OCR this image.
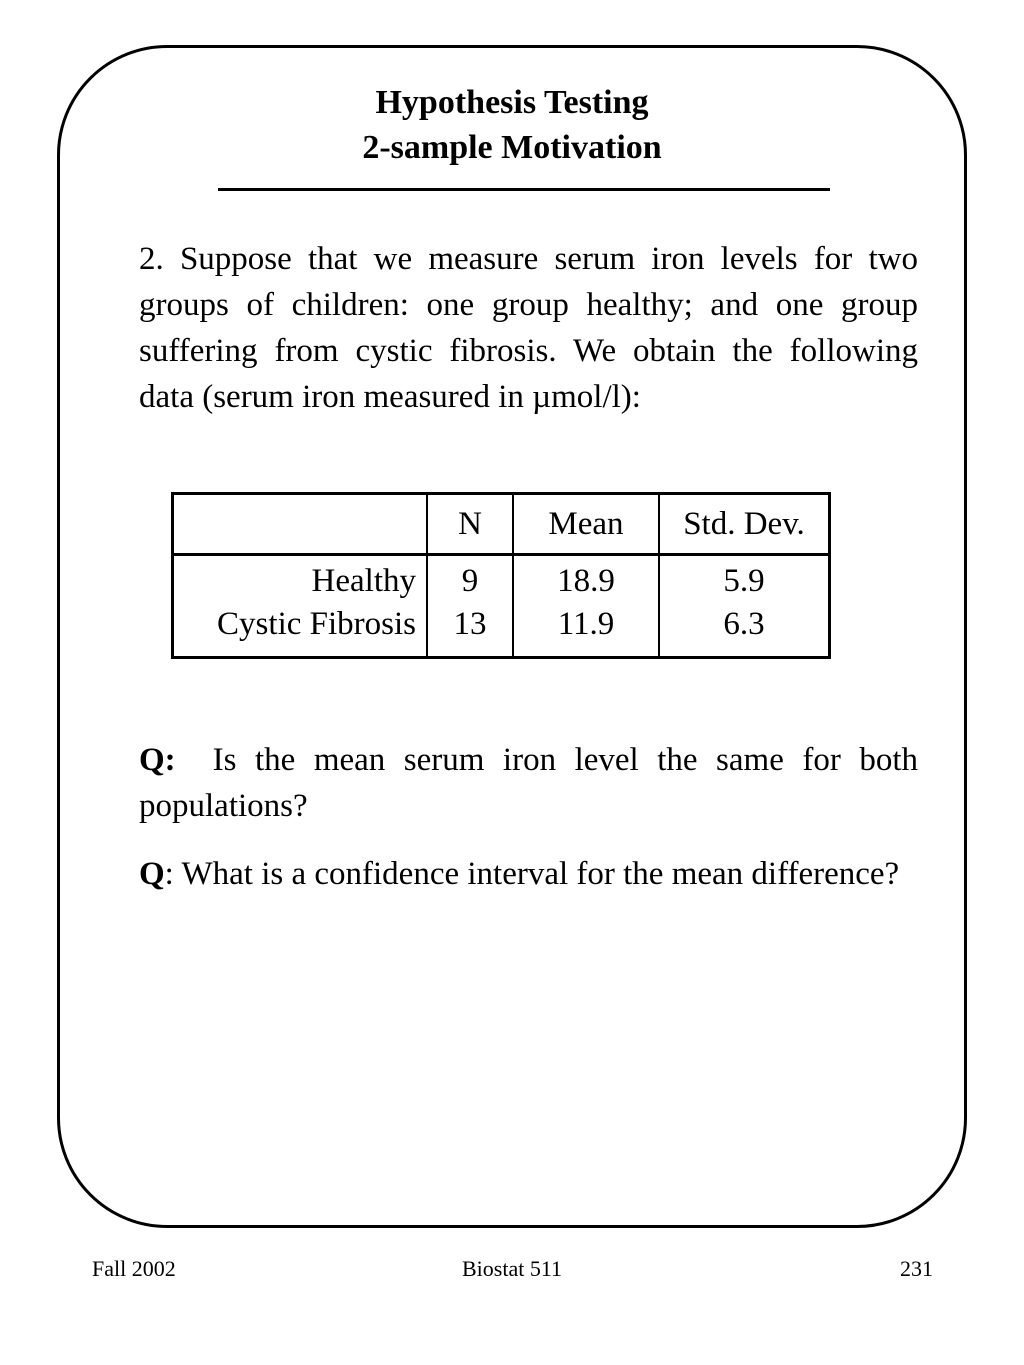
Hypothesis Testing
2-sample Motivation

2. Suppose that we measure serum iron levels for two groups of children: one group healthy; and one group suffering from cystic fibrosis. We obtain the following data (serum iron measured in µmol/l):

	N	Mean	Std. Dev.
Healthy	9	18.9	5.9
Cystic Fibrosis	13	11.9	6.3

Q:  Is the mean serum iron level the same for both populations?

Q: What is a confidence interval for the mean difference?

Fall 2002	Biostat 511	231
